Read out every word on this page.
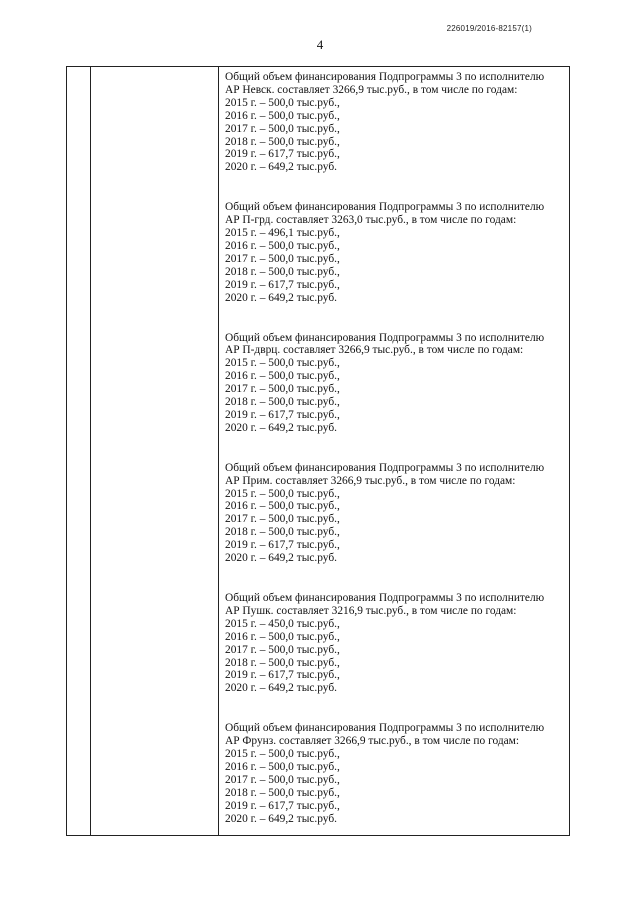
226019/2016-82157(1)
4
Общий объем финансирования Подпрограммы 3 по исполнителю
АР Невск. составляет 3266,9 тыс.руб., в том числе по годам:
2015 г. – 500,0 тыс.руб.,
2016 г. – 500,0 тыс.руб.,
2017 г. – 500,0 тыс.руб.,
2018 г. – 500,0 тыс.руб.,
2019 г. – 617,7 тыс.руб.,
2020 г. – 649,2 тыс.руб.
Общий объем финансирования Подпрограммы 3 по исполнителю
АР П-грд. составляет 3263,0 тыс.руб., в том числе по годам:
2015 г. – 496,1 тыс.руб.,
2016 г. – 500,0 тыс.руб.,
2017 г. – 500,0 тыс.руб.,
2018 г. – 500,0 тыс.руб.,
2019 г. – 617,7 тыс.руб.,
2020 г. – 649,2 тыс.руб.
Общий объем финансирования Подпрограммы 3 по исполнителю
АР П-дврц. составляет 3266,9 тыс.руб., в том числе по годам:
2015 г. – 500,0 тыс.руб.,
2016 г. – 500,0 тыс.руб.,
2017 г. – 500,0 тыс.руб.,
2018 г. – 500,0 тыс.руб.,
2019 г. – 617,7 тыс.руб.,
2020 г. – 649,2 тыс.руб.
Общий объем финансирования Подпрограммы 3 по исполнителю
АР Прим. составляет 3266,9 тыс.руб., в том числе по годам:
2015 г. – 500,0 тыс.руб.,
2016 г. – 500,0 тыс.руб.,
2017 г. – 500,0 тыс.руб.,
2018 г. – 500,0 тыс.руб.,
2019 г. – 617,7 тыс.руб.,
2020 г. – 649,2 тыс.руб.
Общий объем финансирования Подпрограммы 3 по исполнителю
АР Пушк. составляет 3216,9 тыс.руб., в том числе по годам:
2015 г. – 450,0 тыс.руб.,
2016 г. – 500,0 тыс.руб.,
2017 г. – 500,0 тыс.руб.,
2018 г. – 500,0 тыс.руб.,
2019 г. – 617,7 тыс.руб.,
2020 г. – 649,2 тыс.руб.
Общий объем финансирования Подпрограммы 3 по исполнителю
АР Фрунз. составляет 3266,9 тыс.руб., в том числе по годам:
2015 г. – 500,0 тыс.руб.,
2016 г. – 500,0 тыс.руб.,
2017 г. – 500,0 тыс.руб.,
2018 г. – 500,0 тыс.руб.,
2019 г. – 617,7 тыс.руб.,
2020 г. – 649,2 тыс.руб.
